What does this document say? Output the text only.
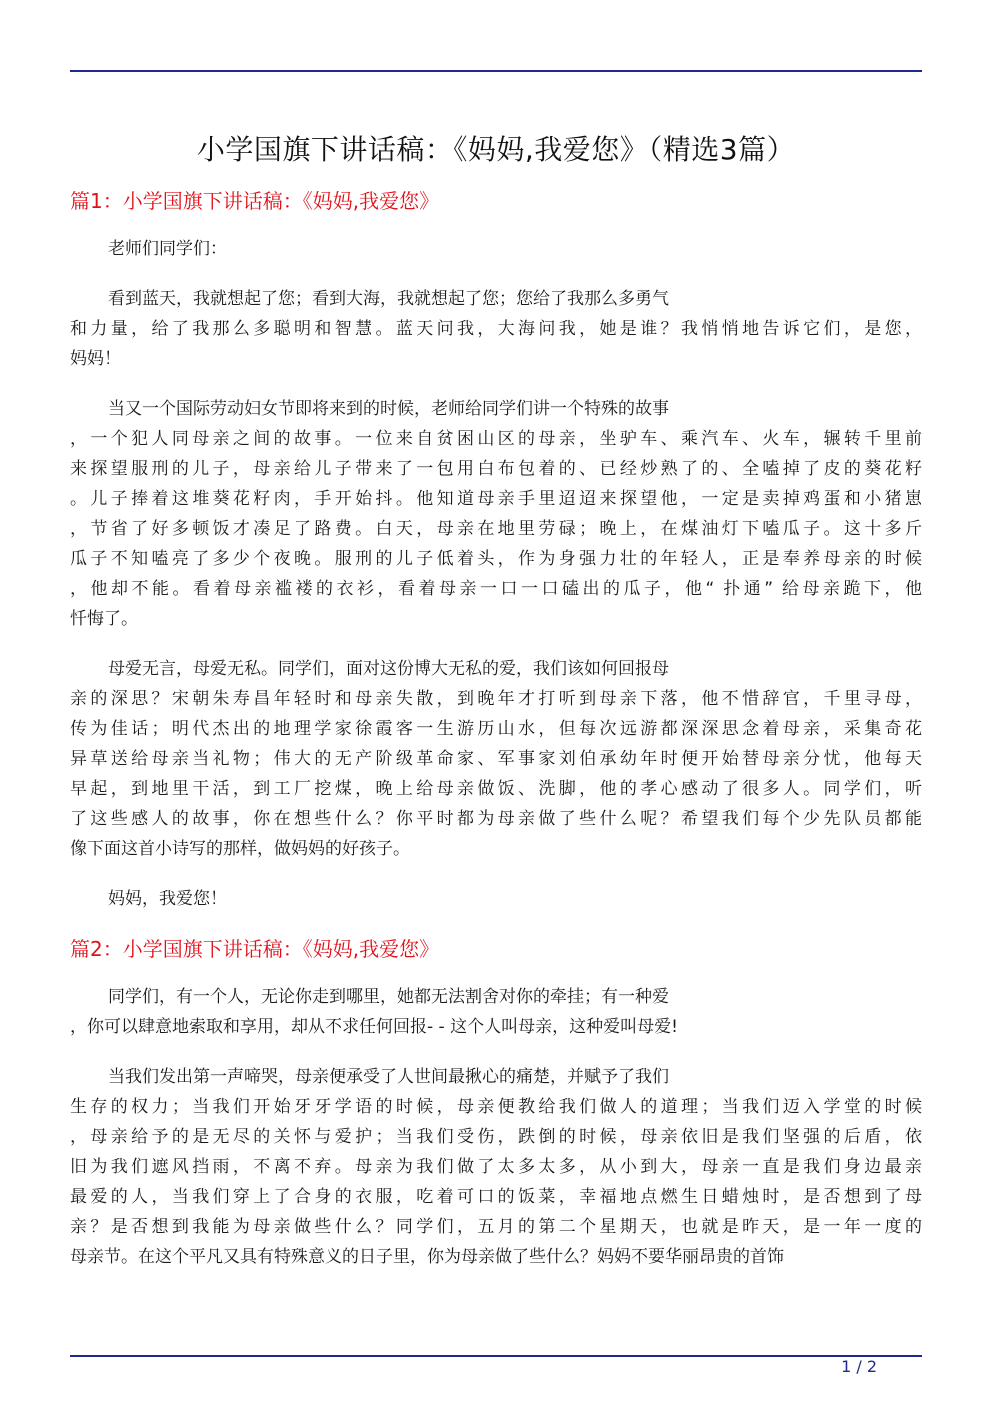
小学国旗下讲话稿：《妈妈,我爱您》（精选3篇）
篇1：小学国旗下讲话稿：《妈妈,我爱您》
老师们同学们：
看到蓝天，我就想起了您；看到大海，我就想起了您；您给了我那么多勇气
和力量，给了我那么多聪明和智慧。蓝天问我，大海问我，她是谁？我悄悄地告诉它们，是您，
妈妈！
当又一个国际劳动妇女节即将来到的时候，老师给同学们讲一个特殊的故事
，一个犯人同母亲之间的故事。一位来自贫困山区的母亲，坐驴车、乘汽车、火车，辗转千里前
来探望服刑的儿子，母亲给儿子带来了一包用白布包着的、已经炒熟了的、全嗑掉了皮的葵花籽
。儿子捧着这堆葵花籽肉，手开始抖。他知道母亲手里迢迢来探望他，一定是卖掉鸡蛋和小猪崽
，节省了好多顿饭才凑足了路费。白天，母亲在地里劳碌；晚上，在煤油灯下嗑瓜子。这十多斤
瓜子不知嗑亮了多少个夜晚。服刑的儿子低着头，作为身强力壮的年轻人，正是奉养母亲的时候
，他却不能。看着母亲褴褛的衣衫，看着母亲一口一口磕出的瓜子，他“ 扑通” 给母亲跪下，他
忏悔了。
母爱无言，母爱无私。同学们，面对这份博大无私的爱，我们该如何回报母
亲的深思？宋朝朱寿昌年轻时和母亲失散，到晚年才打听到母亲下落，他不惜辞官，千里寻母，
传为佳话；明代杰出的地理学家徐霞客一生游历山水，但每次远游都深深思念着母亲，采集奇花
异草送给母亲当礼物；伟大的无产阶级革命家、军事家刘伯承幼年时便开始替母亲分忧，他每天
早起，到地里干活，到工厂挖煤，晚上给母亲做饭、洗脚，他的孝心感动了很多人。同学们，听
了这些感人的故事，你在想些什么？你平时都为母亲做了些什么呢？希望我们每个少先队员都能
像下面这首小诗写的那样，做妈妈的好孩子。
妈妈，我爱您！
篇2：小学国旗下讲话稿：《妈妈,我爱您》
同学们，有一个人，无论你走到哪里，她都无法割舍对你的牵挂；有一种爱
，你可以肆意地索取和享用，却从不求任何回报- - 这个人叫母亲，这种爱叫母爱!
当我们发出第一声啼哭，母亲便承受了人世间最揪心的痛楚，并赋予了我们
生存的权力；当我们开始牙牙学语的时候，母亲便教给我们做人的道理；当我们迈入学堂的时候
，母亲给予的是无尽的关怀与爱护；当我们受伤，跌倒的时候，母亲依旧是我们坚强的后盾，依
旧为我们遮风挡雨，不离不弃。母亲为我们做了太多太多，从小到大，母亲一直是我们身边最亲
最爱的人，当我们穿上了合身的衣服，吃着可口的饭菜，幸福地点燃生日蜡烛时，是否想到了母
亲？是否想到我能为母亲做些什么？同学们，五月的第二个星期天，也就是昨天，是一年一度的
母亲节。在这个平凡又具有特殊意义的日子里，你为母亲做了些什么？妈妈不要华丽昂贵的首饰
1 / 2
